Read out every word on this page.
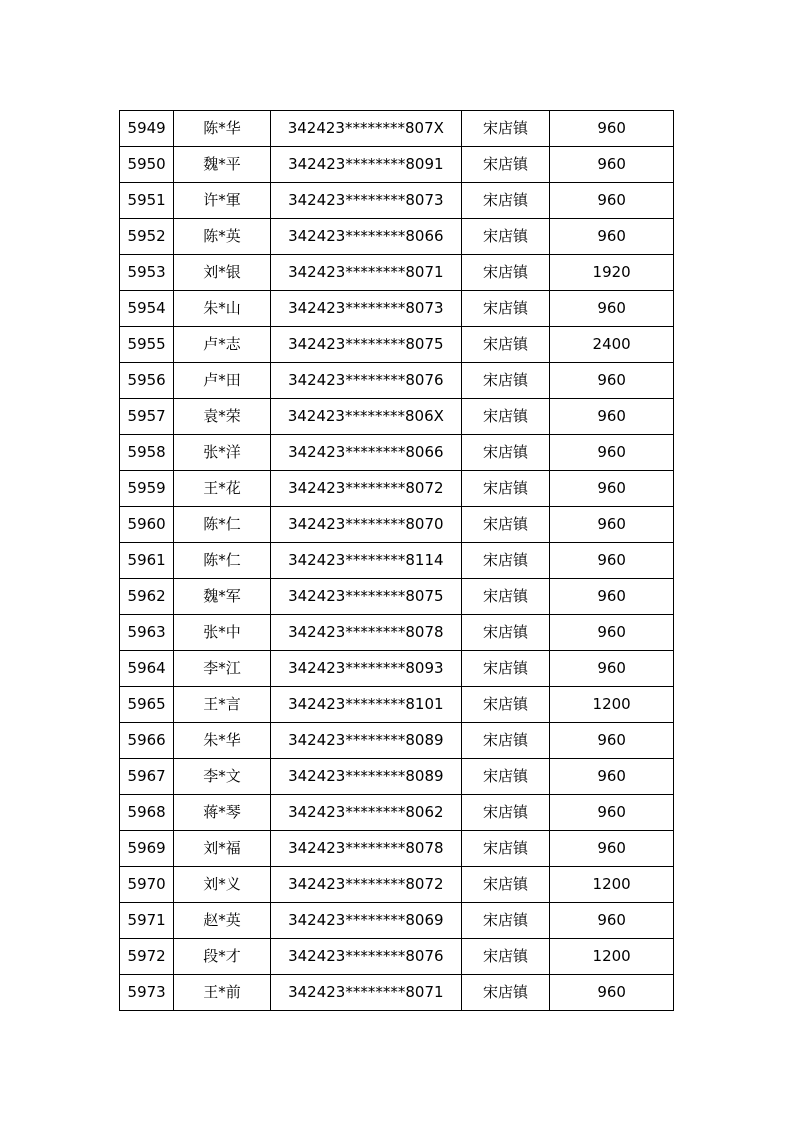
5949	陈*华	342423********807X	宋店镇	960
5950	魏*平	342423********8091	宋店镇	960
5951	许*軍	342423********8073	宋店镇	960
5952	陈*英	342423********8066	宋店镇	960
5953	刘*银	342423********8071	宋店镇	1920
5954	朱*山	342423********8073	宋店镇	960
5955	卢*志	342423********8075	宋店镇	2400
5956	卢*田	342423********8076	宋店镇	960
5957	袁*荣	342423********806X	宋店镇	960
5958	张*洋	342423********8066	宋店镇	960
5959	王*花	342423********8072	宋店镇	960
5960	陈*仁	342423********8070	宋店镇	960
5961	陈*仁	342423********8114	宋店镇	960
5962	魏*军	342423********8075	宋店镇	960
5963	张*中	342423********8078	宋店镇	960
5964	李*江	342423********8093	宋店镇	960
5965	王*言	342423********8101	宋店镇	1200
5966	朱*华	342423********8089	宋店镇	960
5967	李*文	342423********8089	宋店镇	960
5968	蒋*琴	342423********8062	宋店镇	960
5969	刘*福	342423********8078	宋店镇	960
5970	刘*义	342423********8072	宋店镇	1200
5971	赵*英	342423********8069	宋店镇	960
5972	段*才	342423********8076	宋店镇	1200
5973	王*前	342423********8071	宋店镇	960
